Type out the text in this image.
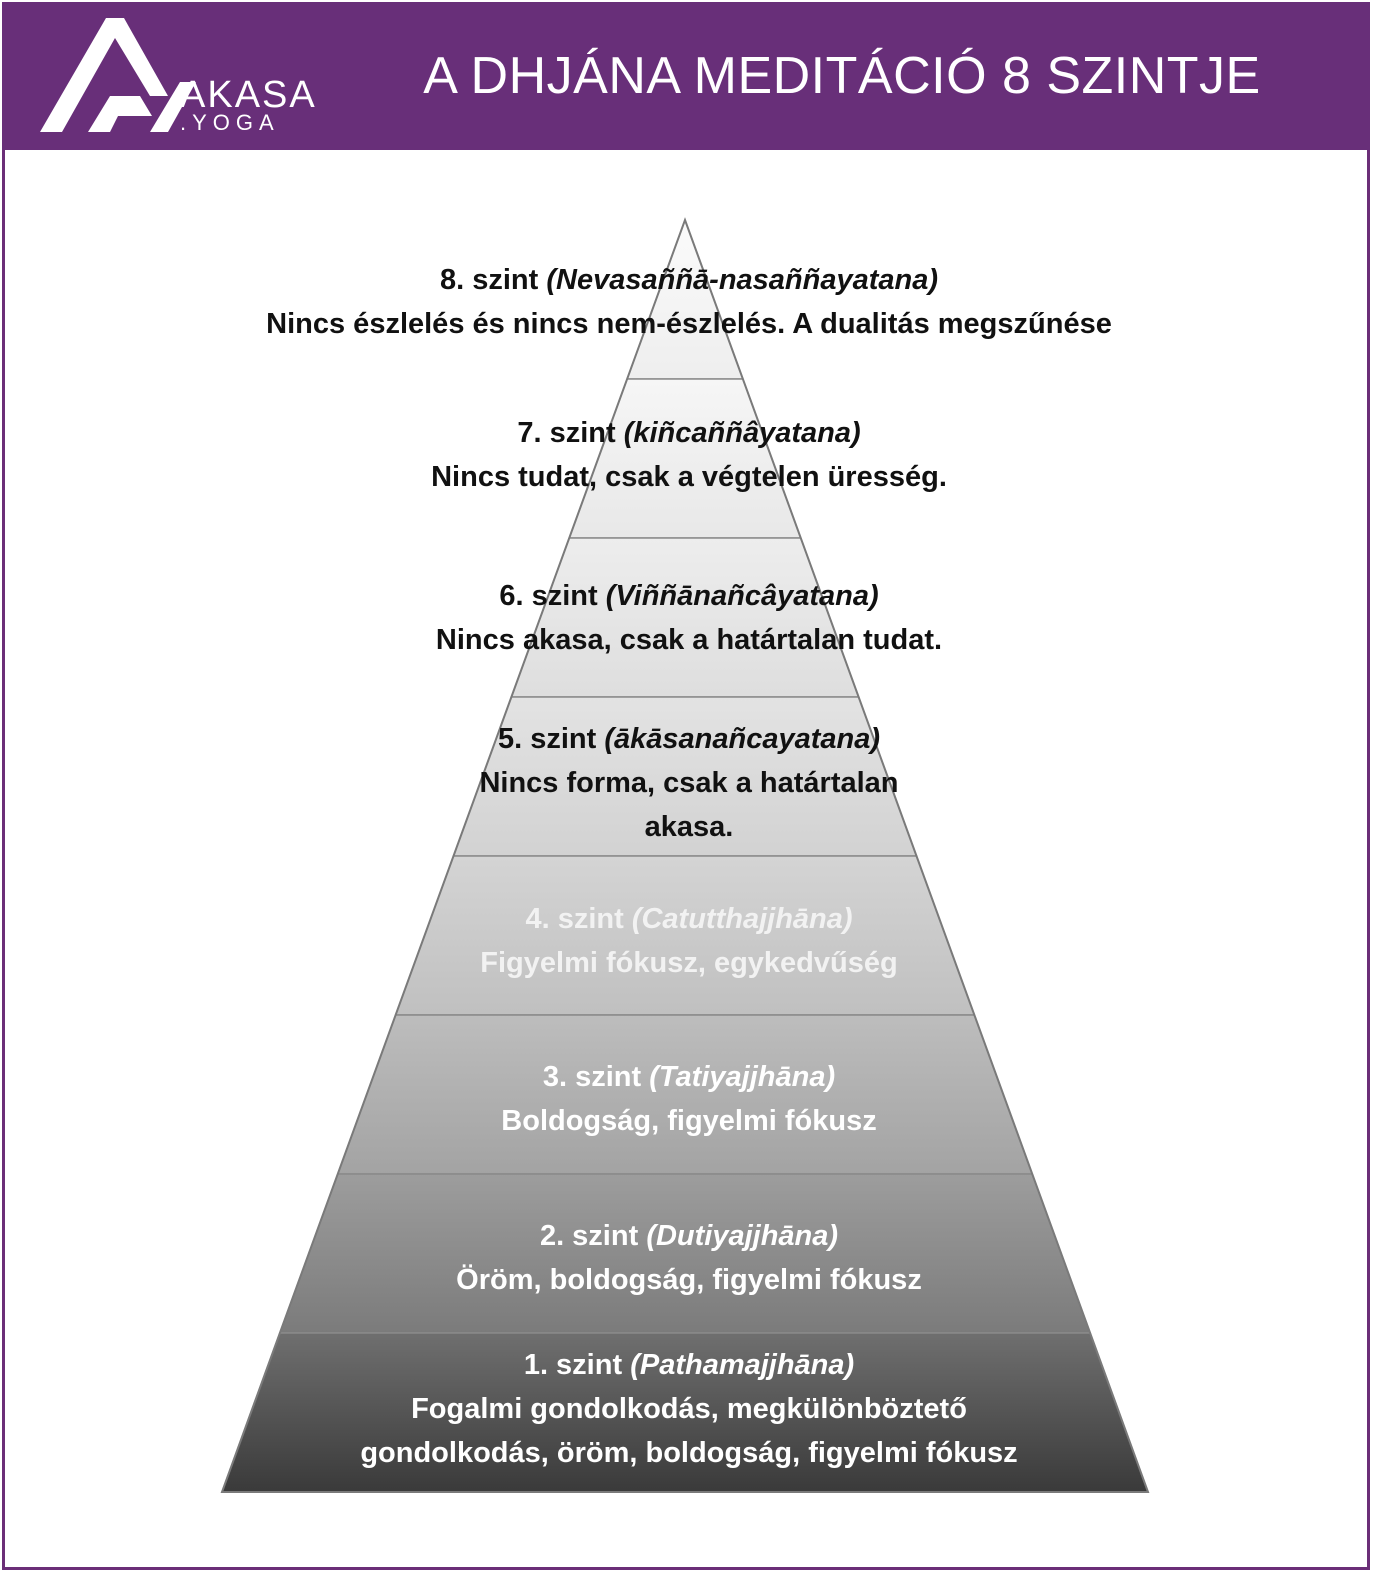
AKASA
.YOGA
A DHJÁNA MEDITÁCIÓ 8 SZINTJE
8. szint (Nevasaññā-nasaññayatana)
Nincs észlelés és nincs nem-észlelés. A dualitás megszűnése
7. szint (kiñcaññâyatana)
Nincs tudat, csak a végtelen üresség.
6. szint (Viññānañcâyatana)
Nincs akasa, csak a határtalan tudat.
5. szint (ākāsanañcayatana)
Nincs forma, csak a határtalan akasa.
4. szint (Catutthajjhāna)
Figyelmi fókusz, egykedvűség
3. szint (Tatiyajjhāna)
Boldogság, figyelmi fókusz
2. szint (Dutiyajjhāna)
Öröm, boldogság, figyelmi fókusz
1. szint (Pathamajjhāna)
Fogalmi gondolkodás, megkülönböztető gondolkodás, öröm, boldogság, figyelmi fókusz
